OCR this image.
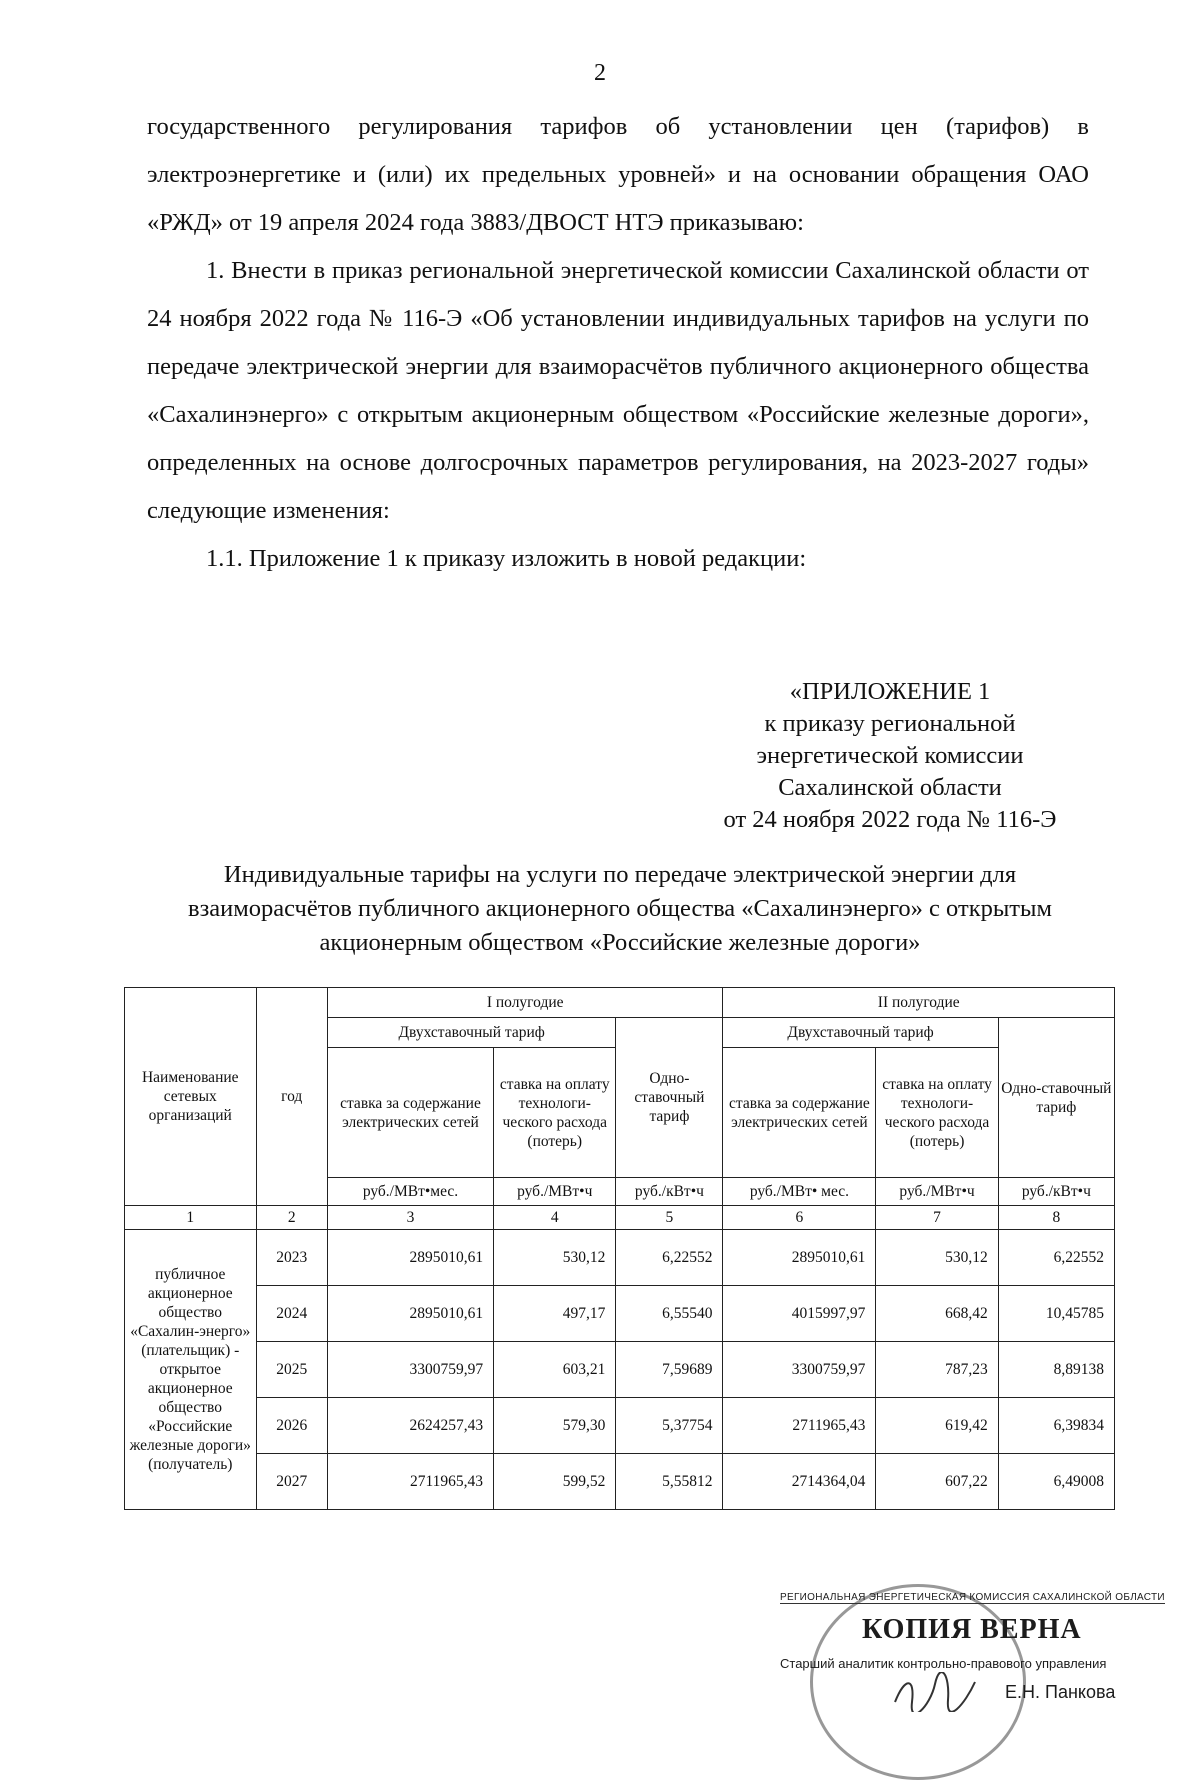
2

государственного регулирования тарифов об установлении цен (тарифов) в электроэнергетике и (или) их предельных уровней» и на основании обращения ОАО «РЖД» от 19 апреля 2024 года 3883/ДВОСТ НТЭ приказываю:

1. Внести в приказ региональной энергетической комиссии Сахалинской области от 24 ноября 2022 года № 116-Э «Об установлении индивидуальных тарифов на услуги по передаче электрической энергии для взаиморасчётов публичного акционерного общества «Сахалинэнерго» с открытым акционерным обществом «Российские железные дороги», определенных на основе долгосрочных параметров регулирования, на 2023-2027 годы» следующие изменения:

1.1. Приложение 1 к приказу изложить в новой редакции:

«ПРИЛОЖЕНИЕ 1
к приказу региональной
энергетической комиссии
Сахалинской области
от 24 ноября 2022 года № 116-Э
Индивидуальные тарифы на услуги по передаче электрической энергии для взаиморасчётов публичного акционерного общества «Сахалинэнерго» с открытым акционерным обществом «Российские железные дороги»
Наименование сетевых организаций	год	I полугодие			II полугодие		
		Двухставочный тариф		Одно-ставочный тариф	Двухставочный тариф		Одно-ставочный тариф
		ставка за содержание электрических сетей	ставка на оплату технологи-ческого расхода (потерь)		ставка за содержание электрических сетей	ставка на оплату технологи-ческого расхода (потерь)	
		руб./МВт•мес.	руб./МВт•ч	руб./кВт•ч	руб./МВт• мес.	руб./МВт•ч	руб./кВт•ч
1	2	3	4	5	6	7	8
публичное акционерное общество «Сахалин-энерго» (плательщик) - открытое акционерное общество «Российские железные дороги» (получатель)	2023	2895010,61	530,12	6,22552	2895010,61	530,12	6,22552
	2024	2895010,61	497,17	6,55540	4015997,97	668,42	10,45785
	2025	3300759,97	603,21	7,59689	3300759,97	787,23	8,89138
	2026	2624257,43	579,30	5,37754	2711965,43	619,42	6,39834
	2027	2711965,43	599,52	5,55812	2714364,04	607,22	6,49008
РЕГИОНАЛЬНАЯ ЭНЕРГЕТИЧЕСКАЯ КОМИССИЯ САХАЛИНСКОЙ ОБЛАСТИ
КОПИЯ ВЕРНА
Старший аналитик контрольно-правового управления
Е.Н. Панкова
